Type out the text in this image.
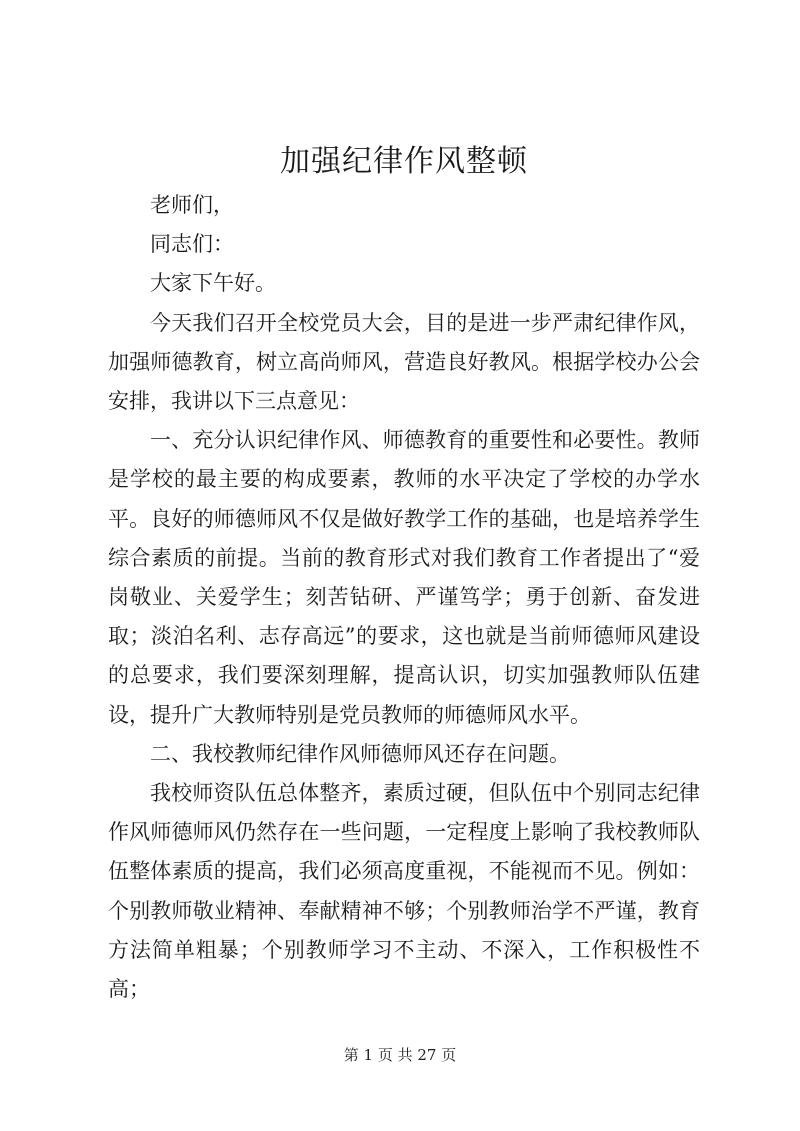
加强纪律作风整顿

老师们，

同志们：

大家下午好。

今天我们召开全校党员大会，目的是进一步严肃纪律作风，加强师德教育，树立高尚师风，营造良好教风。根据学校办公会安排，我讲以下三点意见：

一、充分认识纪律作风、师德教育的重要性和必要性。教师是学校的最主要的构成要素，教师的水平决定了学校的办学水平。良好的师德师风不仅是做好教学工作的基础，也是培养学生综合素质的前提。当前的教育形式对我们教育工作者提出了“爱岗敬业、关爱学生；刻苦钻研、严谨笃学；勇于创新、奋发进取；淡泊名利、志存高远”的要求，这也就是当前师德师风建设的总要求，我们要深刻理解，提高认识，切实加强教师队伍建设，提升广大教师特别是党员教师的师德师风水平。

二、我校教师纪律作风师德师风还存在问题。

我校师资队伍总体整齐，素质过硬，但队伍中个别同志纪律作风师德师风仍然存在一些问题，一定程度上影响了我校教师队伍整体素质的提高，我们必须高度重视，不能视而不见。例如：个别教师敬业精神、奉献精神不够；个别教师治学不严谨，教育方法简单粗暴；个别教师学习不主动、不深入，工作积极性不高；

第 1 页 共 27 页
